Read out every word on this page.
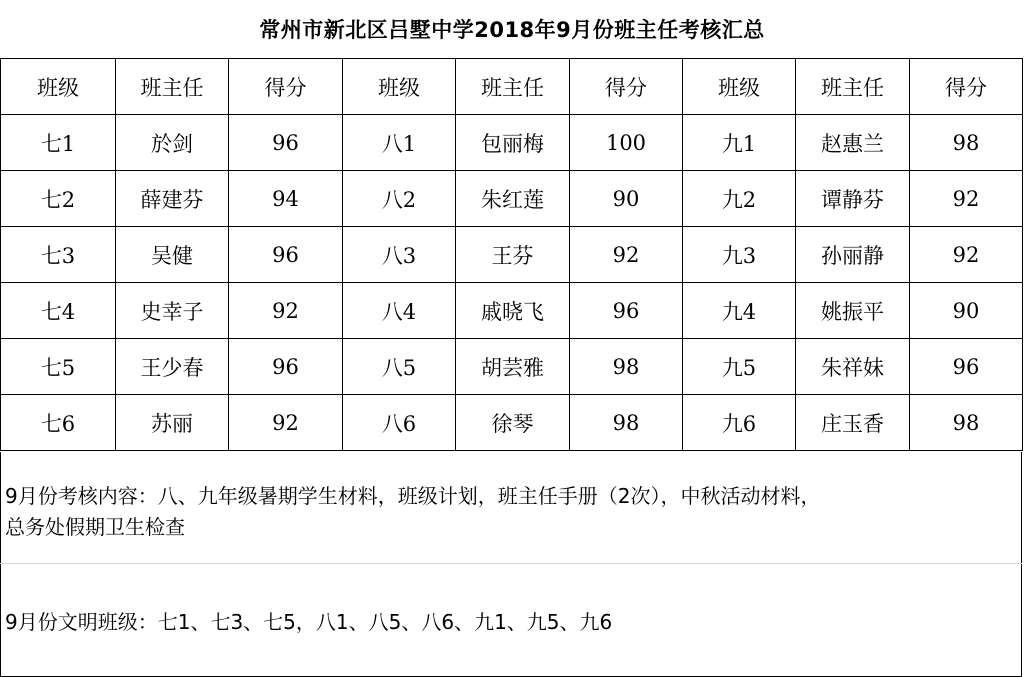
常州市新北区吕墅中学2018年9月份班主任考核汇总
班级	班主任	得分	班级	班主任	得分	班级	班主任	得分
七1	於剑	96	八1	包丽梅	100	九1	赵惠兰	98
七2	薛建芬	94	八2	朱红莲	90	九2	谭静芬	92
七3	吴健	96	八3	王芬	92	九3	孙丽静	92
七4	史幸子	92	八4	戚晓飞	96	九4	姚振平	90
七5	王少春	96	八5	胡芸雅	98	九5	朱祥妹	96
七6	苏丽	92	八6	徐琴	98	九6	庄玉香	98
9月份考核内容：八、九年级暑期学生材料，班级计划，班主任手册（2次），中秋活动材料，
总务处假期卫生检查
9月份文明班级：七1、七3、七5，八1、八5、八6、九1、九5、九6
